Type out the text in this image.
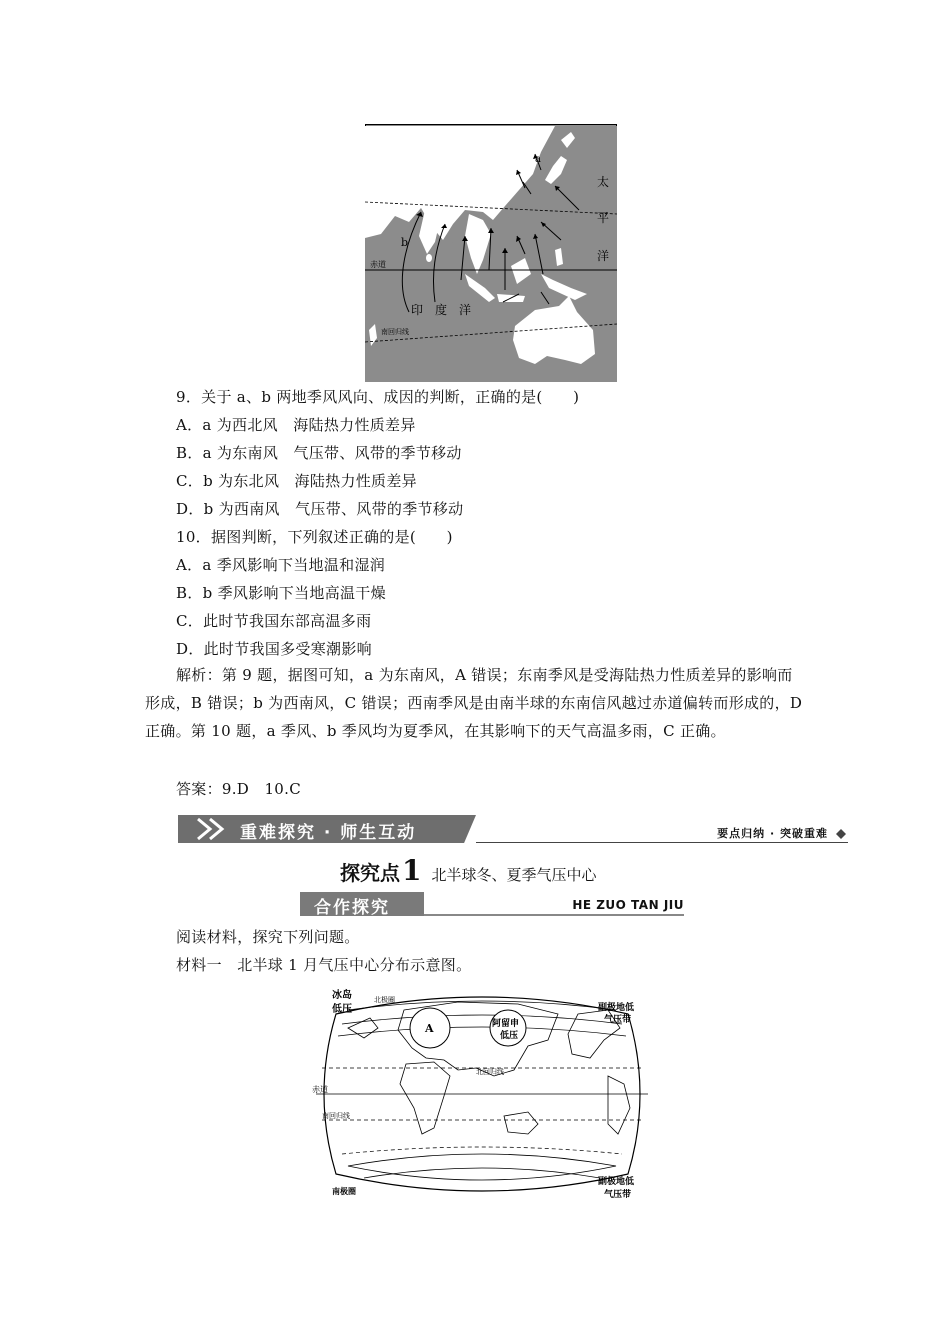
a
b
太
平
洋
赤道
印　度　洋
南回归线
9．关于 a、b 两地季风风向、成因的判断，正确的是(　　)
A．a 为西北风　海陆热力性质差异
B．a 为东南风　气压带、风带的季节移动
C．b 为东北风　海陆热力性质差异
D．b 为西南风　气压带、风带的季节移动
10．据图判断，下列叙述正确的是(　　)
A．a 季风影响下当地温和湿润
B．b 季风影响下当地高温干燥
C．此时节我国东部高温多雨
D．此时节我国多受寒潮影响
解析：第 9 题，据图可知，a 为东南风，A 错误；东南季风是受海陆热力性质差异的影响而形成，B 错误；b 为西南风，C 错误；西南季风是由南半球的东南信风越过赤道偏转而形成的，D 正确。第 10 题，a 季风、b 季风均为夏季风，在其影响下的天气高温多雨，C 正确。
答案：9.D　10.C
重难探究 · 师生互动	要点归纳 · 突破重难
探究点1 北半球冬、夏季气压中心
合作探究	HE ZUO TAN JIU
阅读材料，探究下列问题。
材料一　北半球 1 月气压中心分布示意图。
冰岛
低压
北极圈
A	阿留申
低压
副极地低
气压带
北回归线
赤道
南回归线
南极圈
副极地低
气压带
